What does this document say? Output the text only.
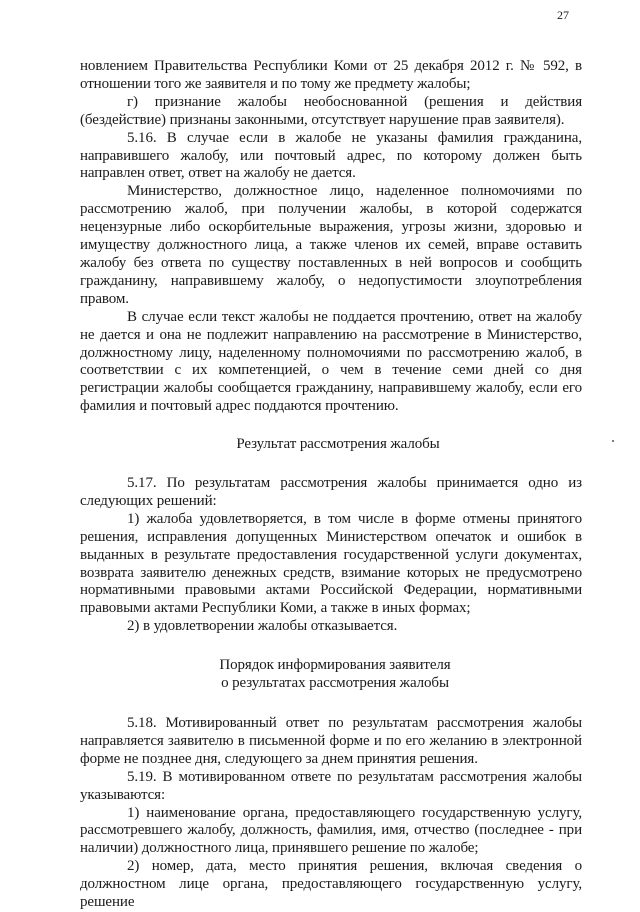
27

новлением Правительства Республики Коми от 25 декабря 2012 г. № 592, в отношении того же заявителя и по тому же предмету жалобы;

г) признание жалобы необоснованной (решения и действия (бездействие) признаны законными, отсутствует нарушение прав заявителя).

5.16. В случае если в жалобе не указаны фамилия гражданина, направившего жалобу, или почтовый адрес, по которому должен быть направлен ответ, ответ на жалобу не дается.

Министерство, должностное лицо, наделенное полномочиями по рассмотрению жалоб, при получении жалобы, в которой содержатся нецензурные либо оскорбительные выражения, угрозы жизни, здоровью и имуществу должностного лица, а также членов их семей, вправе оставить жалобу без ответа по существу поставленных в ней вопросов и сообщить гражданину, направившему жалобу, о недопустимости злоупотребления правом.

В случае если текст жалобы не поддается прочтению, ответ на жалобу не дается и она не подлежит направлению на рассмотрение в Министерство, должностному лицу, наделенному полномочиями по рассмотрению жалоб, в соответствии с их компетенцией, о чем в течение семи дней со дня регистрации жалобы сообщается гражданину, направившему жалобу, если его фамилия и почтовый адрес поддаются прочтению.

Результат рассмотрения жалобы

5.17. По результатам рассмотрения жалобы принимается одно из следующих решений:

1) жалоба удовлетворяется, в том числе в форме отмены принятого решения, исправления допущенных Министерством опечаток и ошибок в выданных в результате предоставления государственной услуги документах, возврата заявителю денежных средств, взимание которых не предусмотрено нормативными правовыми актами Российской Федерации, нормативными правовыми актами Республики Коми, а также в иных формах;

2) в удовлетворении жалобы отказывается.

Порядок информирования заявителя
о результатах рассмотрения жалобы

5.18. Мотивированный ответ по результатам рассмотрения жалобы направляется заявителю в письменной форме и по его желанию в электронной форме не позднее дня, следующего за днем принятия решения.

5.19. В мотивированном ответе по результатам рассмотрения жалобы указываются:

1) наименование органа, предоставляющего государственную услугу, рассмотревшего жалобу, должность, фамилия, имя, отчество (последнее - при наличии) должностного лица, принявшего решение по жалобе;

2) номер, дата, место принятия решения, включая сведения о должностном лице органа, предоставляющего государственную услугу, решение
